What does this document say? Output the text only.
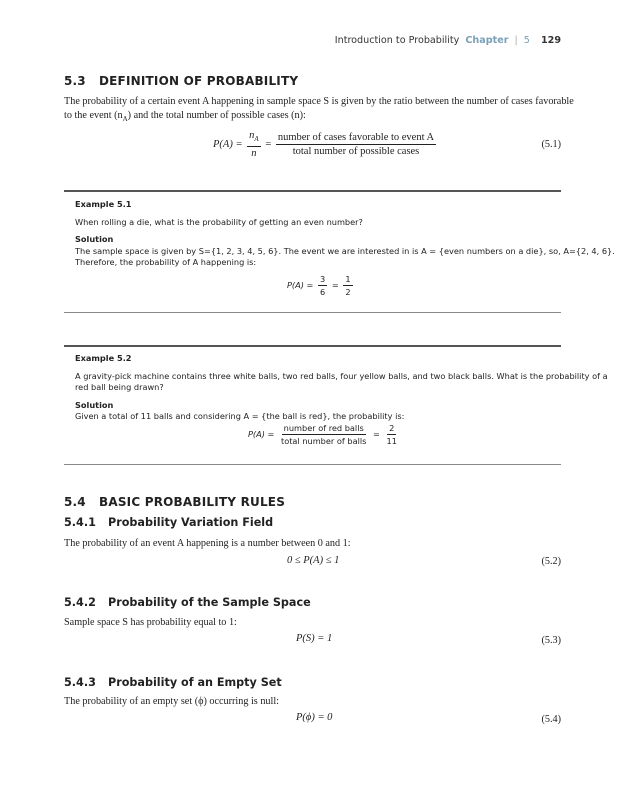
Introduction to Probability Chapter | 5 129
5.3 DEFINITION OF PROBABILITY

The probability of a certain event A happening in sample space S is given by the ratio between the number of cases favorable
to the event $(n_A)$ and the total number of possible cases (n):

$P(A) = \frac{n_A}{n} = \frac{\text{number of cases favorable to event A}}{\text{total number of possible cases}}$	(5.1)
Example 5.1
When rolling a die, what is the probability of getting an even number?
Solution
The sample space is given by S={1, 2, 3, 4, 5, 6}. The event we are interested in is A = {even numbers on a die}, so, A={2, 4, 6}.
Therefore, the probability of A happening is:
$P(A) = \frac{3}{6} = \frac{1}{2}$
Example 5.2
A gravity-pick machine contains three white balls, two red balls, four yellow balls, and two black balls. What is the probability of a
red ball being drawn?
Solution
Given a total of 11 balls and considering A = {the ball is red}, the probability is:
$P(A) = \frac{\text{number of red balls}}{\text{total number of balls}} = \frac{2}{11}$
5.4 BASIC PROBABILITY RULES
5.4.1 Probability Variation Field

The probability of an event A happening is a number between 0 and 1:

0 ≤ P(A) ≤ 1	(5.2)
5.4.2 Probability of the Sample Space

Sample space S has probability equal to 1:

P(S) = 1	(5.3)
5.4.3 Probability of an Empty Set

The probability of an empty set (ϕ) occurring is null:

P(ϕ) = 0	(5.4)
